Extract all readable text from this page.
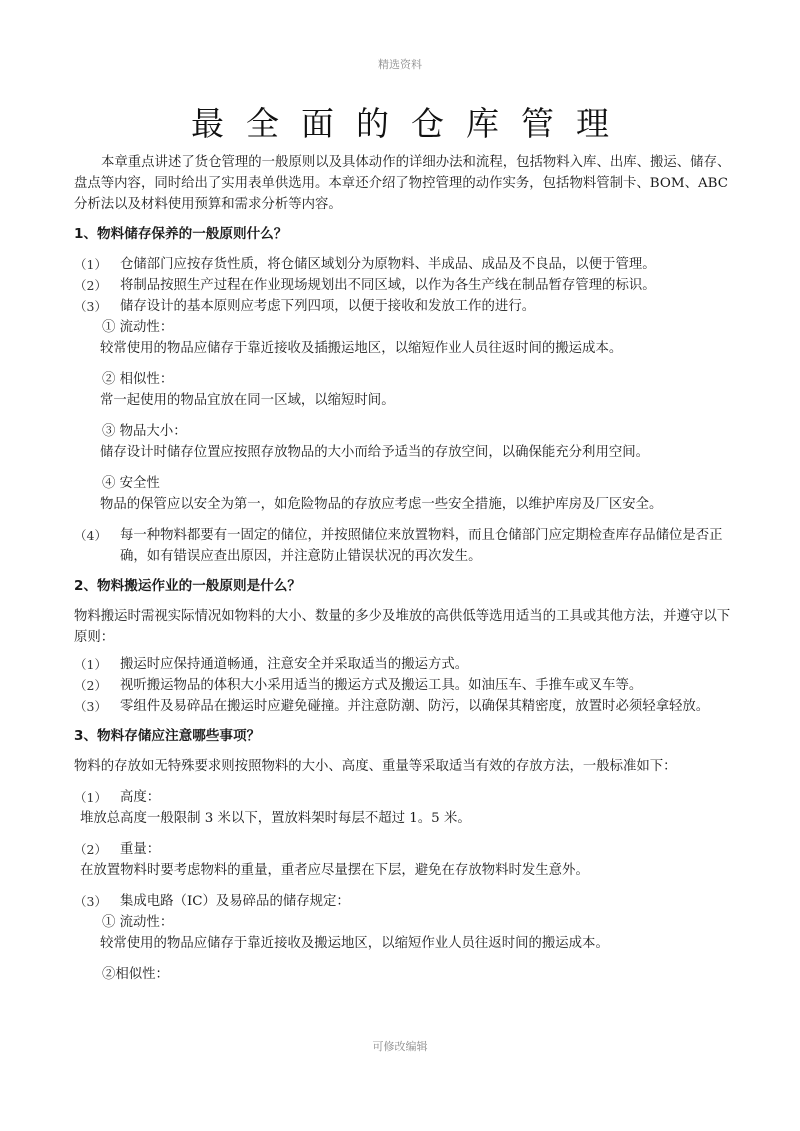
精选资料
最全面的仓库管理

本章重点讲述了货仓管理的一般原则以及具体动作的详细办法和流程，包括物料入库、出库、搬运、储存、盘点等内容，同时给出了实用表单供选用。本章还介绍了物控管理的动作实务，包括物料管制卡、BOM、ABC 分析法以及材料使用预算和需求分析等内容。

1、物料储存保养的一般原则什么？

（1） 仓储部门应按存货性质，将仓储区域划分为原物料、半成品、成品及不良品，以便于管理。
（2） 将制品按照生产过程在作业现场规划出不同区域，以作为各生产线在制品暂存管理的标识。
（3） 储存设计的基本原则应考虑下列四项，以便于接收和发放工作的进行。

① 流动性：

较常使用的物品应储存于靠近接收及插搬运地区，以缩短作业人员往返时间的搬运成本。

② 相似性：

常一起使用的物品宜放在同一区域，以缩短时间。

③ 物品大小：

储存设计时储存位置应按照存放物品的大小而给予适当的存放空间，以确保能充分利用空间。

④ 安全性

物品的保管应以安全为第一，如危险物品的存放应考虑一些安全措施，以维护库房及厂区安全。

（4） 每一种物料都要有一固定的储位，并按照储位来放置物料，而且仓储部门应定期检查库存品储位是否正确，如有错误应查出原因，并注意防止错误状况的再次发生。

2、物料搬运作业的一般原则是什么？

物料搬运时需视实际情况如物料的大小、数量的多少及堆放的高供低等选用适当的工具或其他方法，并遵守以下原则：

（1） 搬运时应保持通道畅通，注意安全并采取适当的搬运方式。
（2） 视听搬运物品的体积大小采用适当的搬运方式及搬运工具。如油压车、手推车或叉车等。
（3） 零组件及易碎品在搬运时应避免碰撞。并注意防潮、防污，以确保其精密度，放置时必须轻拿轻放。

3、物料存储应注意哪些事项？

物料的存放如无特殊要求则按照物料的大小、高度、重量等采取适当有效的存放方法，一般标准如下：

（1） 高度：

堆放总高度一般限制 3 米以下，置放料架时每层不超过 1。5 米。

（2） 重量：

在放置物料时要考虑物料的重量，重者应尽量摆在下层，避免在存放物料时发生意外。

（3） 集成电路（IC）及易碎品的储存规定：

① 流动性：

较常使用的物品应储存于靠近接收及搬运地区，以缩短作业人员往返时间的搬运成本。

②相似性：

可修改编辑
